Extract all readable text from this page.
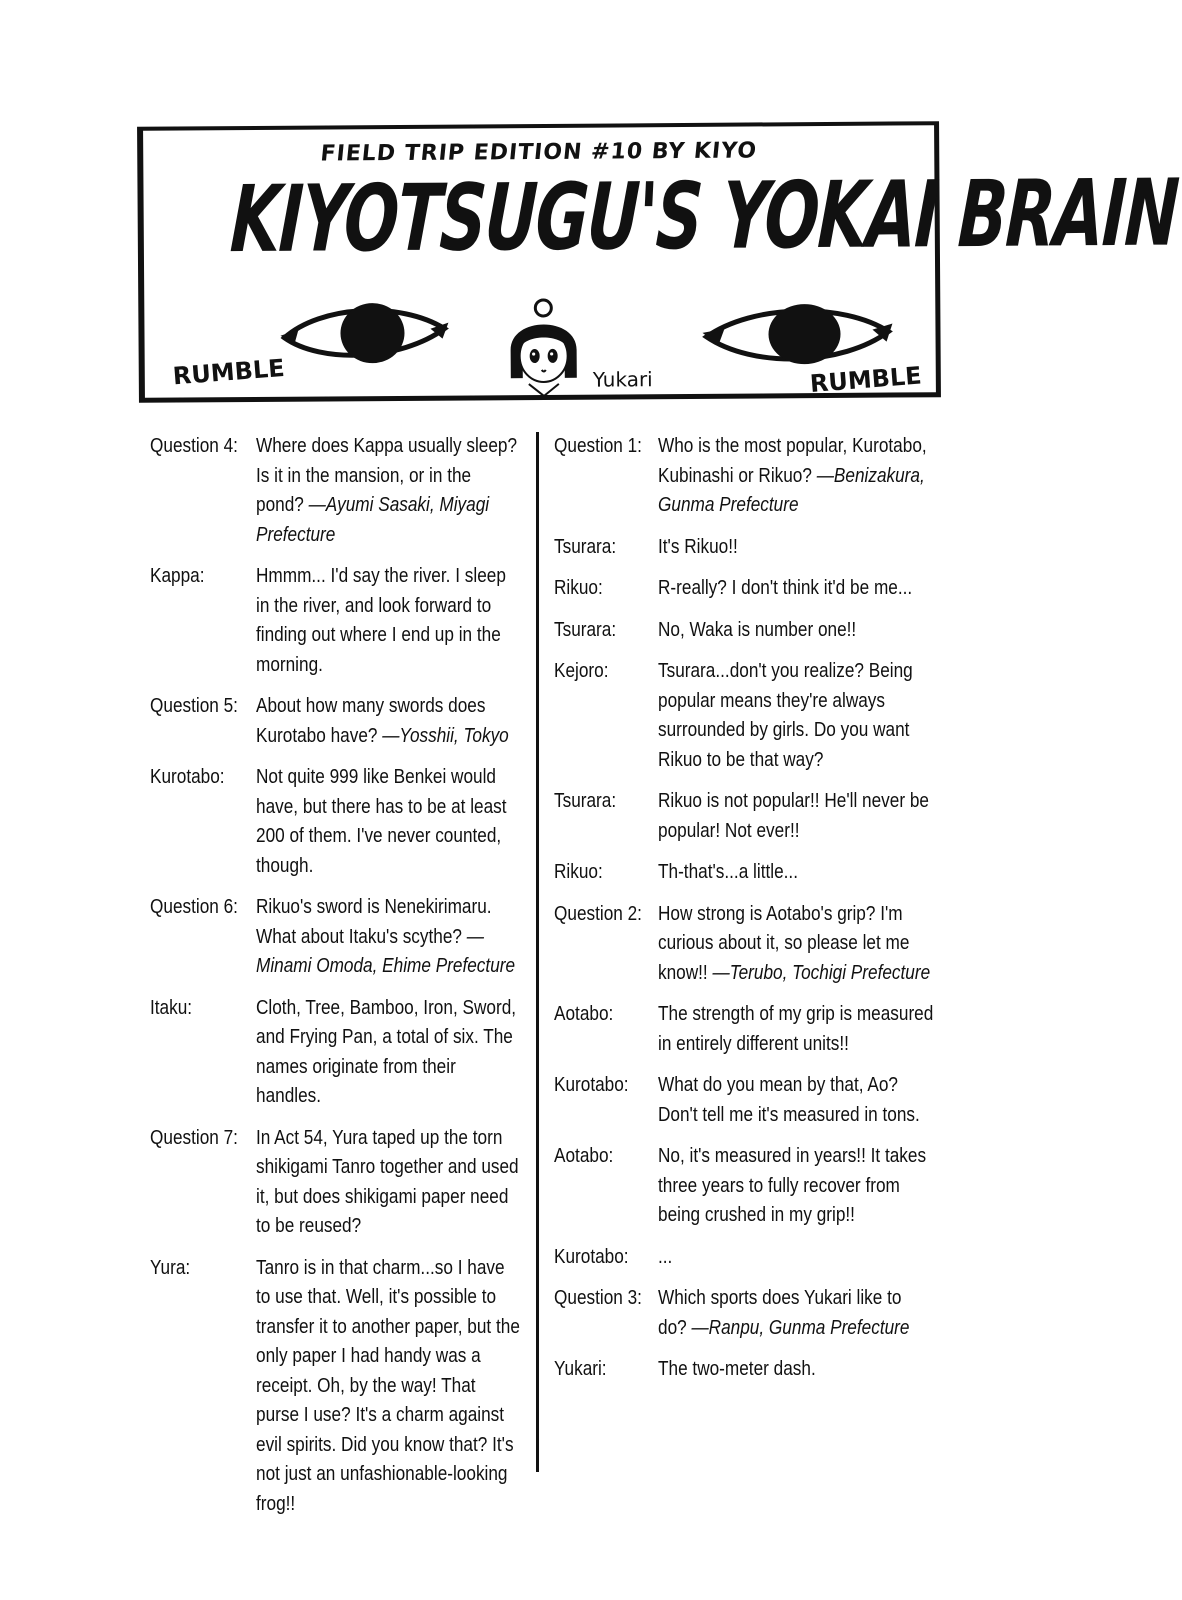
FIELD TRIP EDITION #10 BY KIYO
KIYOTSUGU'S YOKAI BRAIN
RUMBLE	Yukari	RUMBLE
Question 4: Where does Kappa usually sleep? Is it in the mansion, or in the pond? —Ayumi Sasaki, Miyagi Prefecture
Kappa:	Hmmm... I'd say the river. I sleep in the river, and look forward to finding out where I end up in the morning.
Question 5: About how many swords does Kurotabo have? —Yosshii, Tokyo
Kurotabo:	Not quite 999 like Benkei would have, but there has to be at least 200 of them. I've never counted, though.
Question 6: Rikuo's sword is Nenekirimaru. What about Itaku's scythe? —Minami Omoda, Ehime Prefecture
Itaku:	Cloth, Tree, Bamboo, Iron, Sword, and Frying Pan, a total of six. The names originate from their handles.
Question 7: In Act 54, Yura taped up the torn shikigami Tanro together and used it, but does shikigami paper need to be reused?
Yura:	Tanro is in that charm...so I have to use that. Well, it's possible to transfer it to another paper, but the only paper I had handy was a receipt. Oh, by the way! That purse I use? It's a charm against evil spirits. Did you know that? It's not just an unfashionable-looking frog!!
Question 1: Who is the most popular, Kurotabo, Kubinashi or Rikuo? —Benizakura, Gunma Prefecture
Tsurara:	It's Rikuo!!
Rikuo:	R-really? I don't think it'd be me...
Tsurara:	No, Waka is number one!!
Kejoro:	Tsurara...don't you realize? Being popular means they're always surrounded by girls. Do you want Rikuo to be that way?
Tsurara:	Rikuo is not popular!! He'll never be popular! Not ever!!
Rikuo:	Th-that's...a little...
Question 2: How strong is Aotabo's grip? I'm curious about it, so please let me know!! —Terubo, Tochigi Prefecture
Aotabo:	The strength of my grip is measured in entirely different units!!
Kurotabo:	What do you mean by that, Ao? Don't tell me it's measured in tons.
Aotabo:	No, it's measured in years!! It takes three years to fully recover from being crushed in my grip!!
Kurotabo:	...
Question 3: Which sports does Yukari like to do? —Ranpu, Gunma Prefecture
Yukari:	The two-meter dash.
